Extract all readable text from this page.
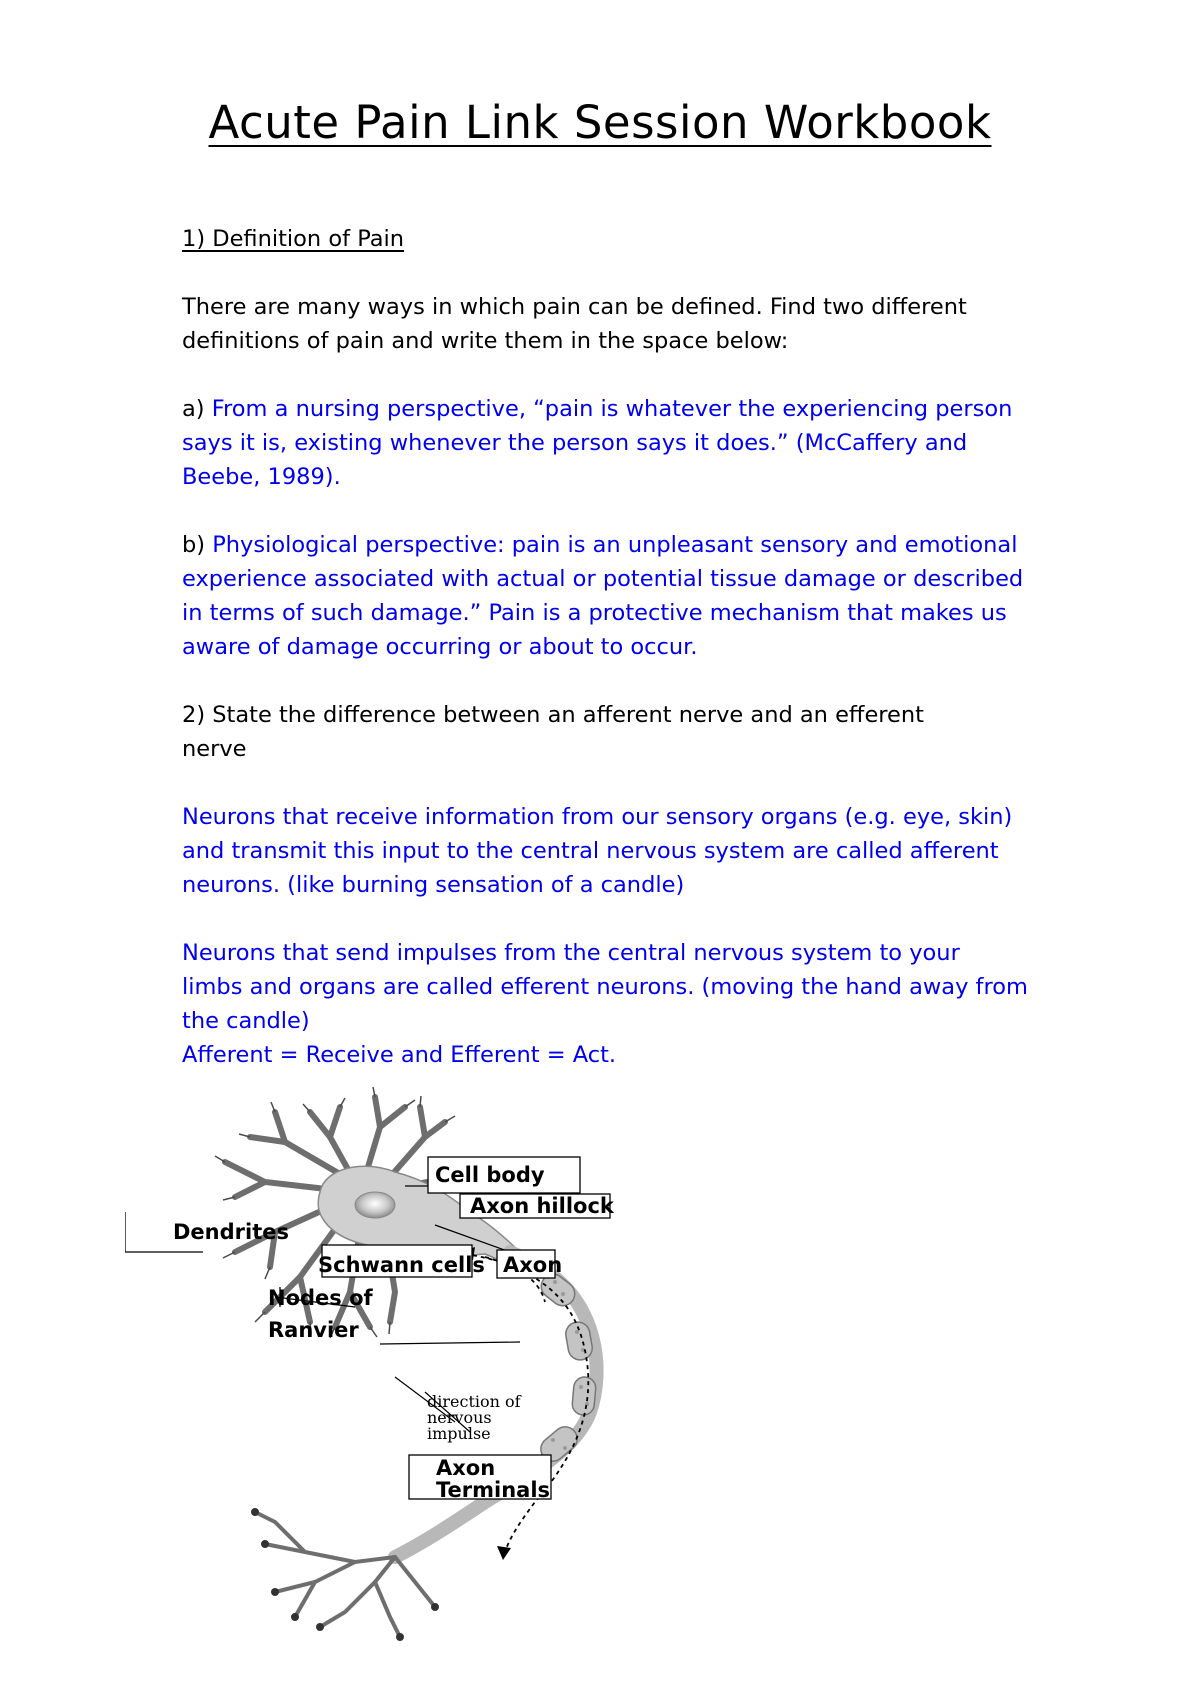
Acute Pain Link Session Workbook

1) Definition of Pain

There are many ways in which pain can be defined. Find two different

definitions of pain and write them in the space below:

a) From a nursing perspective, “pain is whatever the experiencing person

says it is, existing whenever the person says it does.” (McCaffery and

Beebe, 1989).

b) Physiological perspective: pain is an unpleasant sensory and emotional

experience associated with actual or potential tissue damage or described

in terms of such damage.” Pain is a protective mechanism that makes us

aware of damage occurring or about to occur.

2) State the difference between an afferent nerve and an efferent

nerve

Neurons that receive information from our sensory organs (e.g. eye, skin)

and transmit this input to the central nervous system are called afferent

neurons. (like burning sensation of a candle)

Neurons that send impulses from the central nervous system to your

limbs and organs are called efferent neurons. (moving the hand away from

the candle)

Afferent = Receive and Efferent = Act.

Cell body
Axon hillock
Dendrites
Schwann cells Axon
Nodes of
Ranvier
direction of
nervous
impulse
Axon
Terminals
